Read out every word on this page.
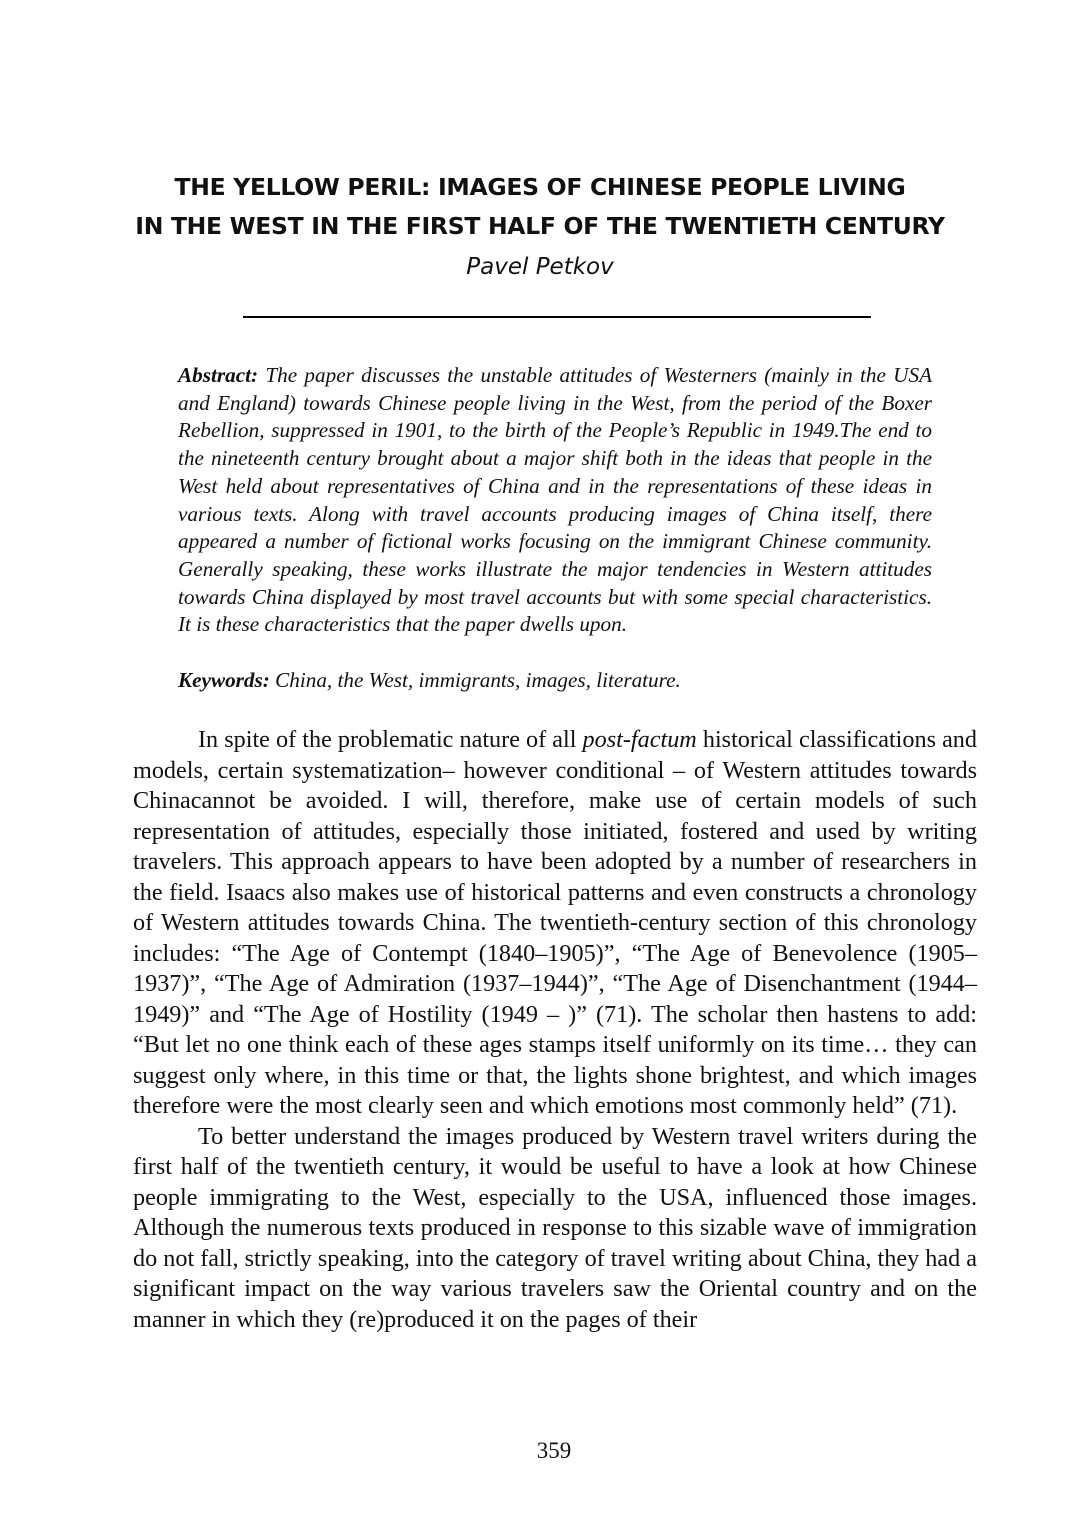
THE YELLOW PERIL: IMAGES OF CHINESE PEOPLE LIVING
IN THE WEST IN THE FIRST HALF OF THE TWENTIETH CENTURY
Pavel Petkov

Abstract: The paper discusses the unstable attitudes of Westerners (mainly in the USA and England) towards Chinese people living in the West, from the period of the Boxer Rebellion, suppressed in 1901, to the birth of the People’s Republic in 1949.The end to the nineteenth century brought about a major shift both in the ideas that people in the West held about representatives of China and in the representations of these ideas in various texts. Along with travel accounts producing images of China itself, there appeared a number of fictional works focusing on the immigrant Chinese community. Generally speaking, these works illustrate the major tendencies in Western attitudes towards China displayed by most travel accounts but with some special characteristics. It is these characteristics that the paper dwells upon.

Keywords: China, the West, immigrants, images, literature.

In spite of the problematic nature of all post-factum historical classifications and models, certain systematization– however conditional – of Western attitudes towards Chinacannot be avoided. I will, therefore, make use of certain models of such representation of attitudes, especially those initiated, fostered and used by writing travelers. This approach appears to have been adopted by a number of researchers in the field. Isaacs also makes use of historical patterns and even constructs a chronology of Western attitudes towards China. The twentieth-century section of this chronology includes: “The Age of Contempt (1840–1905)”, “The Age of Benevolence (1905–1937)”, “The Age of Admiration (1937–1944)”, “The Age of Disenchantment (1944–1949)” and “The Age of Hostility (1949 – )” (71). The scholar then hastens to add: “But let no one think each of these ages stamps itself uniformly on its time… they can suggest only where, in this time or that, the lights shone brightest, and which images therefore were the most clearly seen and which emotions most commonly held” (71).

To better understand the images produced by Western travel writers during the first half of the twentieth century, it would be useful to have a look at how Chinese people immigrating to the West, especially to the USA, influenced those images. Although the numerous texts produced in response to this sizable wave of immigration do not fall, strictly speaking, into the category of travel writing about China, they had a significant impact on the way various travelers saw the Oriental country and on the manner in which they (re)produced it on the pages of their

359
